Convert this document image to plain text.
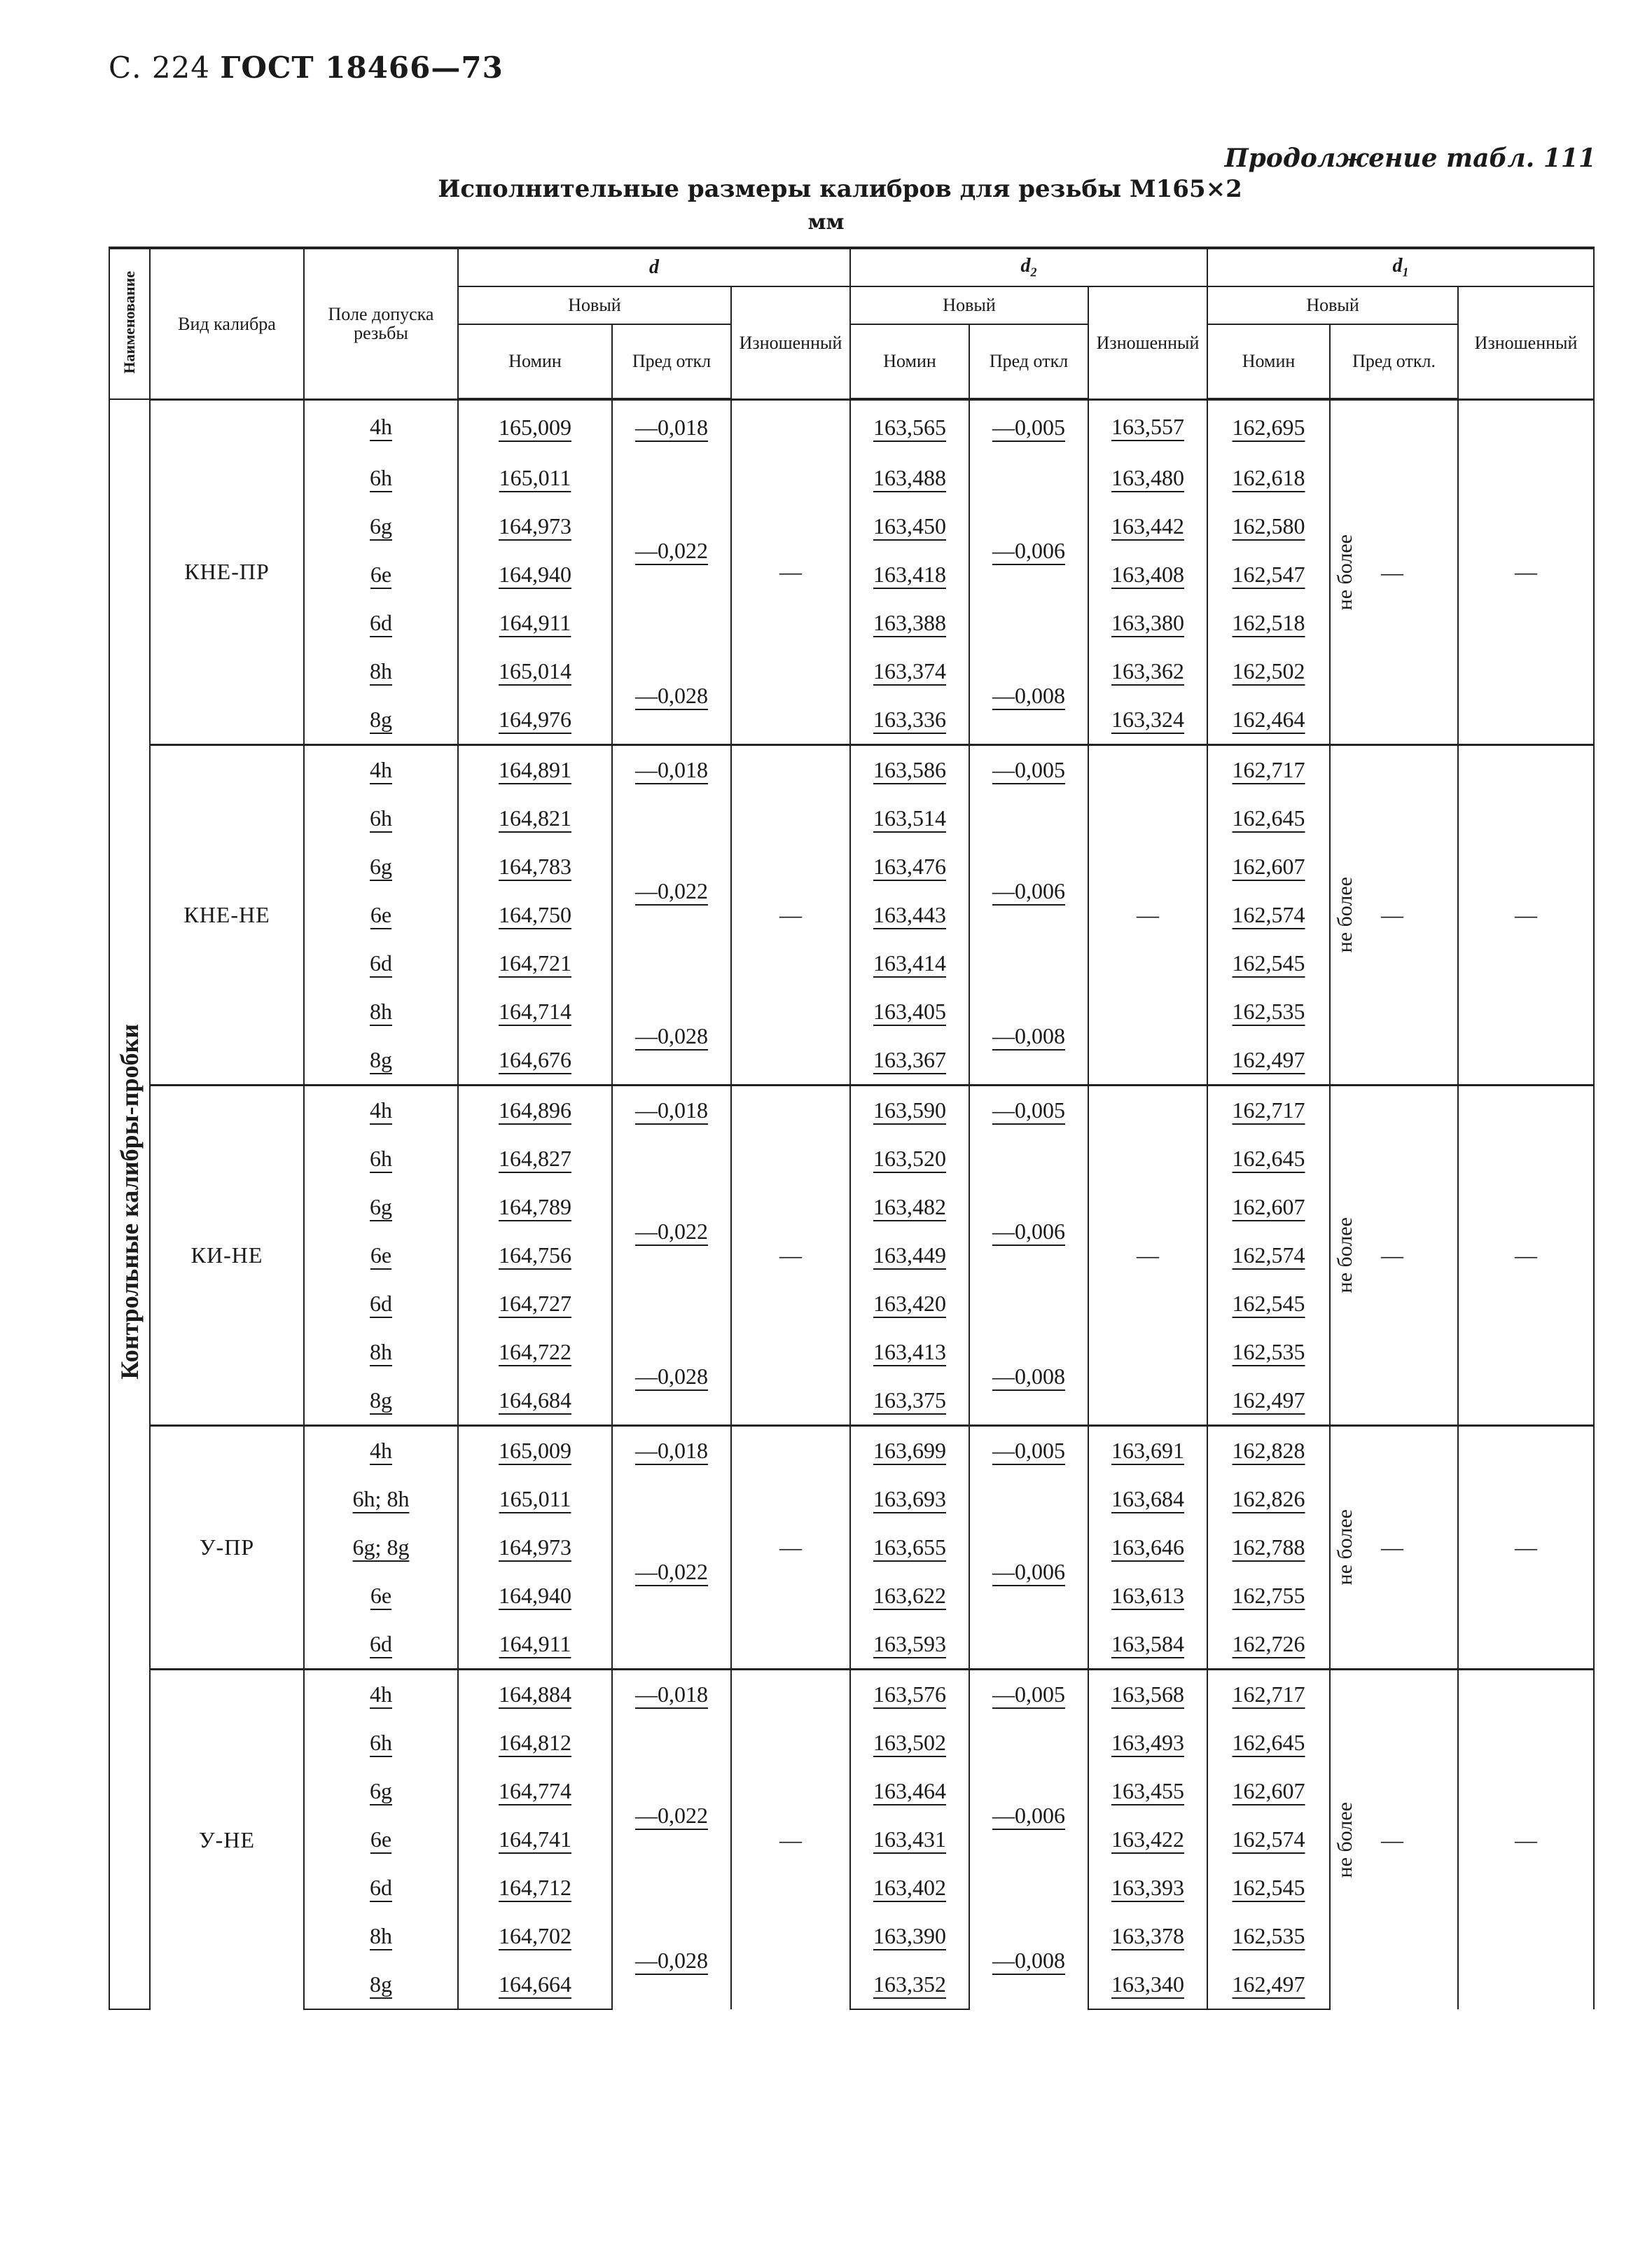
С. 224 ГОСТ 18466—73
Продолжение табл. 111
Исполнительные размеры калибров для резьбы М165×2
мм
Наименование	Вид калибра	Поле допуска резьбы	d			$d_2$			$d_1$
			Новый		Изношенный	Новый		Изношенный	Новый		Изношенный
			Номин	Пред откл		Номин	Пред откл		Номин	Пред откл.	
Контрольные калибры-пробки	КНЕ-ПР	4h	165,009	—0,018	—	163,565	—0,005	163,557	162,695	не более —	—
		6h	165,011	—0,022		163,488	—0,006	163,480	162,618		
		6g	164,973			163,450		163,442	162,580		
		6e	164,940			163,418		163,408	162,547		
		6d	164,911			163,388		163,380	162,518		
		8h	165,014	—0,028		163,374	—0,008	163,362	162,502		
		8g	164,976			163,336		163,324	162,464		
	КНЕ-НЕ	4h	164,891	—0,018	—	163,586	—0,005	—	162,717	не более —	—
		6h	164,821	—0,022		163,514	—0,006		162,645		
		6g	164,783			163,476			162,607		
		6e	164,750			163,443			162,574		
		6d	164,721			163,414			162,545		
		8h	164,714	—0,028		163,405	—0,008		162,535		
		8g	164,676			163,367			162,497		
	КИ-НЕ	4h	164,896	—0,018	—	163,590	—0,005	—	162,717	не более —	—
		6h	164,827	—0,022		163,520	—0,006		162,645		
		6g	164,789			163,482			162,607		
		6e	164,756			163,449			162,574		
		6d	164,727			163,420			162,545		
		8h	164,722	—0,028		163,413	—0,008		162,535		
		8g	164,684			163,375			162,497		
	У-ПР	4h	165,009	—0,018	—	163,699	—0,005	163,691	162,828	не более —	—
		6h; 8h	165,011	—0,022		163,693	—0,006	163,684	162,826		
		6g; 8g	164,973			163,655		163,646	162,788		
		6e	164,940			163,622		163,613	162,755		
		6d	164,911			163,593		163,584	162,726		
	У-НЕ	4h	164,884	—0,018	—	163,576	—0,005	163,568	162,717	не более —	—
		6h	164,812	—0,022		163,502	—0,006	163,493	162,645		
		6g	164,774			163,464		163,455	162,607		
		6e	164,741			163,431		163,422	162,574		
		6d	164,712			163,402		163,393	162,545		
		8h	164,702	—0,028		163,390	—0,008	163,378	162,535		
		8g	164,664			163,352		163,340	162,497		
